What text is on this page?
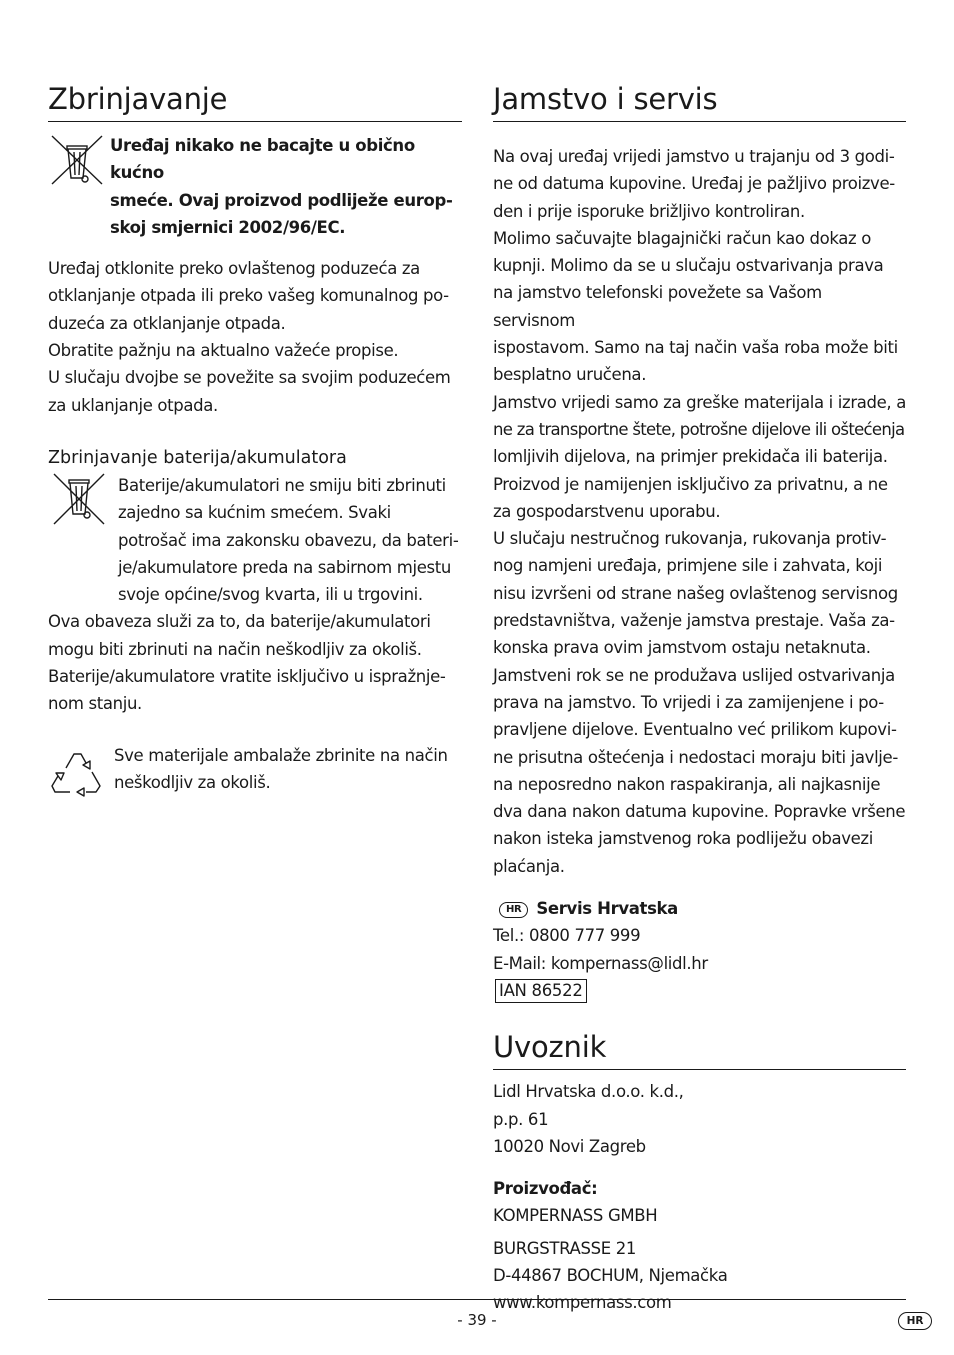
Zbrinjavanje

Uređaj nikako ne bacajte u obično kućno

smeće. Ovaj proizvod podliježe europ-

skoj smjernici 2002/96/EC.

Uređaj otklonite preko ovlaštenog poduzeća za

otklanjanje otpada ili preko vašeg komunalnog po-

duzeća za otklanjanje otpada.

Obratite pažnju na aktualno važeće propise.

U slučaju dvojbe se povežite sa svojim poduzećem

za uklanjanje otpada.

Zbrinjavanje baterija/akumulatora

Baterije/akumulatori ne smiju biti zbrinuti

zajedno sa kućnim smećem. Svaki

potrošač ima zakonsku obavezu, da bateri-

je/akumulatore preda na sabirnom mjestu

svoje općine/svog kvarta, ili u trgovini.

Ova obaveza služi za to, da baterije/akumulatori

mogu biti zbrinuti na način neškodljiv za okoliš.

Baterije/akumulatore vratite isključivo u ispražnje-

nom stanju.

Sve materijale ambalaže zbrinite na način

neškodljiv za okoliš.

Jamstvo i servis

Na ovaj uređaj vrijedi jamstvo u trajanju od 3 godi-

ne od datuma kupovine. Uređaj je pažljivo proizve-

den i prije isporuke brižljivo kontroliran.

Molimo sačuvajte blagajnički račun kao dokaz o

kupnji. Molimo da se u slučaju ostvarivanja prava

na jamstvo telefonski povežete sa Vašom servisnom

ispostavom. Samo na taj način vaša roba može biti

besplatno uručena.

Jamstvo vrijedi samo za greške materijala i izrade, a

ne za transportne štete, potrošne dijelove ili oštećenja

lomljivih dijelova, na primjer prekidača ili baterija.

Proizvod je namijenjen isključivo za privatnu, a ne

za gospodarstvenu uporabu.

U slučaju nestručnog rukovanja, rukovanja protiv-

nog namjeni uređaja, primjene sile i zahvata, koji

nisu izvršeni od strane našeg ovlaštenog servisnog

predstavništva, važenje jamstva prestaje. Vaša za-

konska prava ovim jamstvom ostaju netaknuta.

Jamstveni rok se ne produžava uslijed ostvarivanja

prava na jamstvo. To vrijedi i za zamijenjene i po-

pravljene dijelove. Eventualno već prilikom kupovi-

ne prisutna oštećenja i nedostaci moraju biti javlje-

na neposredno nakon raspakiranja, ali najkasnije

dva dana nakon datuma kupovine. Popravke vršene

nakon isteka jamstvenog roka podliježu obavezi

plaćanja.

HR Servis Hrvatska

Tel.: 0800 777 999

E-Mail: kompernass@lidl.hr

IAN 86522

Uvoznik

Lidl Hrvatska d.o.o. k.d.,

p.p. 61

10020 Novi Zagreb

Proizvođač:

KOMPERNASS GMBH

BURGSTRASSE 21

D-44867 BOCHUM, Njemačka

www.kompernass.com

- 39 -	HR
